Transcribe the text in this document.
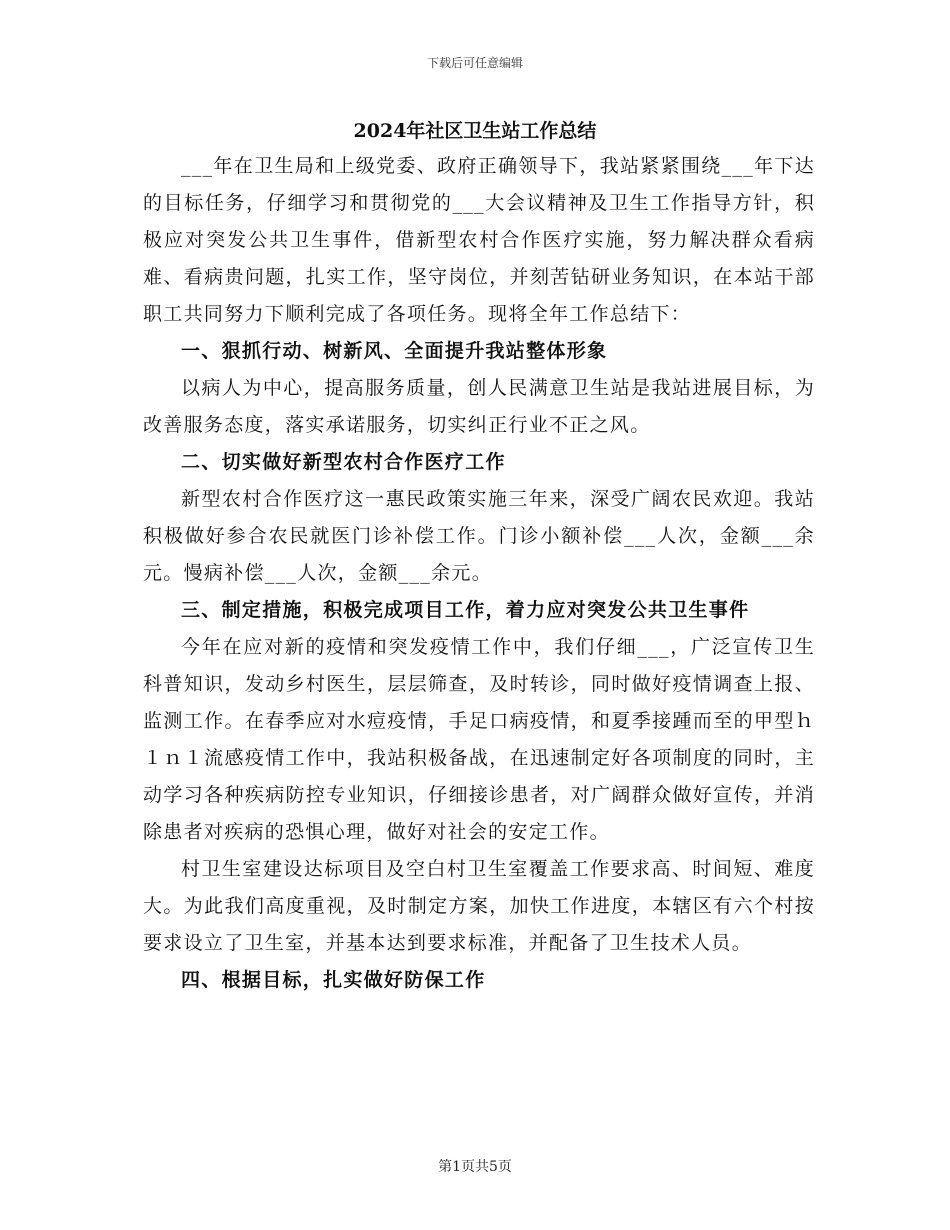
下载后可任意编辑
2024年社区卫生站工作总结

___年在卫生局和上级党委、政府正确领导下，我站紧紧围绕___年下达的目标任务，仔细学习和贯彻党的___大会议精神及卫生工作指导方针，积极应对突发公共卫生事件，借新型农村合作医疗实施，努力解决群众看病难、看病贵问题，扎实工作，坚守岗位，并刻苦钻研业务知识，在本站干部职工共同努力下顺利完成了各项任务。现将全年工作总结下：

一、狠抓行动、树新风、全面提升我站整体形象

以病人为中心，提高服务质量，创人民满意卫生站是我站进展目标，为改善服务态度，落实承诺服务，切实纠正行业不正之风。

二、切实做好新型农村合作医疗工作

新型农村合作医疗这一惠民政策实施三年来，深受广阔农民欢迎。我站积极做好参合农民就医门诊补偿工作。门诊小额补偿___人次，金额___余元。慢病补偿___人次，金额___余元。

三、制定措施，积极完成项目工作，着力应对突发公共卫生事件

今年在应对新的疫情和突发疫情工作中，我们仔细___，广泛宣传卫生科普知识，发动乡村医生，层层筛查，及时转诊，同时做好疫情调查上报、监测工作。在春季应对水痘疫情，手足口病疫情，和夏季接踵而至的甲型ｈ１ｎ１流感疫情工作中，我站积极备战，在迅速制定好各项制度的同时，主动学习各种疾病防控专业知识，仔细接诊患者，对广阔群众做好宣传，并消除患者对疾病的恐惧心理，做好对社会的安定工作。

村卫生室建设达标项目及空白村卫生室覆盖工作要求高、时间短、难度大。为此我们高度重视，及时制定方案，加快工作进度，本辖区有六个村按要求设立了卫生室，并基本达到要求标准，并配备了卫生技术人员。

四、根据目标，扎实做好防保工作

第1页共5页
